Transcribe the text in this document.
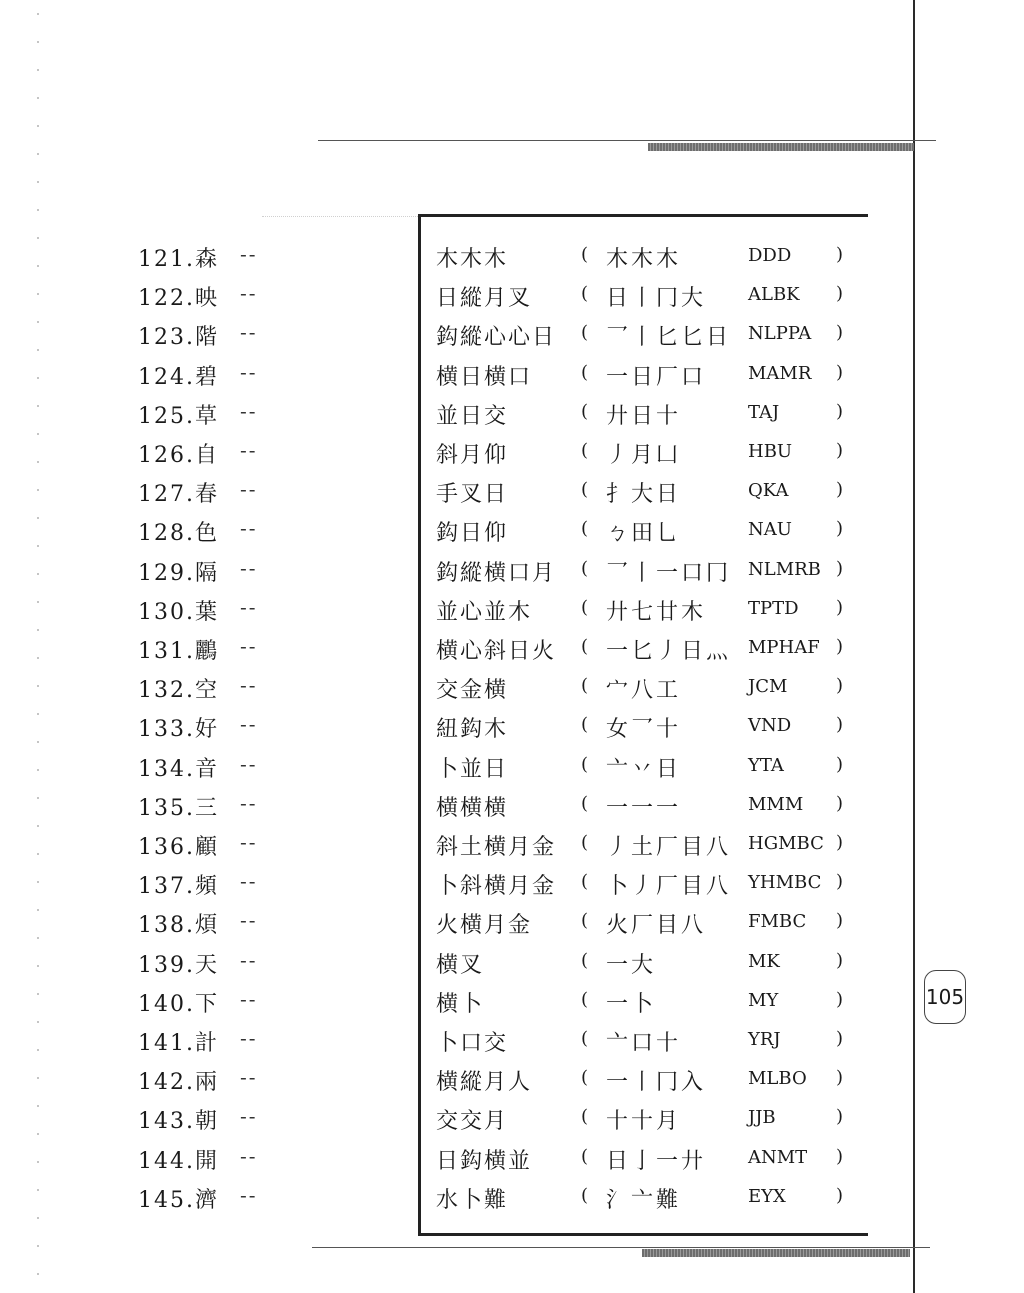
121.森 --	木木木	( 木木木	DDD )
122.映 --	日縱月叉	( 日丨冂大 ALBK )
123.階 --	鈎縱心心日 ( 乛丨匕匕日 NLPPA )
124.碧 --	横日横口	( 一日厂口 MAMR )
125.草 --	並日交	( 廾日十	TAJ	)
126.自 --	斜月仰	( 丿月凵	HBU )
127.春 --	手叉日	( 扌大日	QKA	)
128.色 --	鈎日仰	( ㄅ田乚	NAU )
129.隔 --	鈎縱横口月 ( 乛丨一口冂 NLMRB )
130.葉 --	並心並木	( 廾七廿木 TPTD )
131.鸝 --	横心斜日火 ( 一匕丿日灬 MPHAF )
132.空 --	交金横	( 宀八工	JCM	)
133.好 --	紐鈎木	( 女乛十	VND )
134.音 --	卜並日	( 亠丷日	YTA	)
135.三 --	横横横	( 一一一	MMM )
136.顧 --	斜土横月金 ( 丿土厂目八 HGMBC )
137.頻 --	卜斜横月金 ( 卜丿厂目八 YHMBC )
138.煩 --	火横月金	( 火厂目八 FMBC )
139.天 --	横叉	( 一大	MK	)
140.下 --	横卜	( 一卜	MY	)
141.計 --	卜口交	( 亠口十	YRJ	)
142.兩 --	横縱月人	( 一丨冂入 MLBO )
143.朝 --	交交月	( 十十月	JJB	)
144.開 --	日鈎横並	( 日亅一廾 ANMT )
145.濟 --	水卜難	( 氵亠難	EYX	)
105
